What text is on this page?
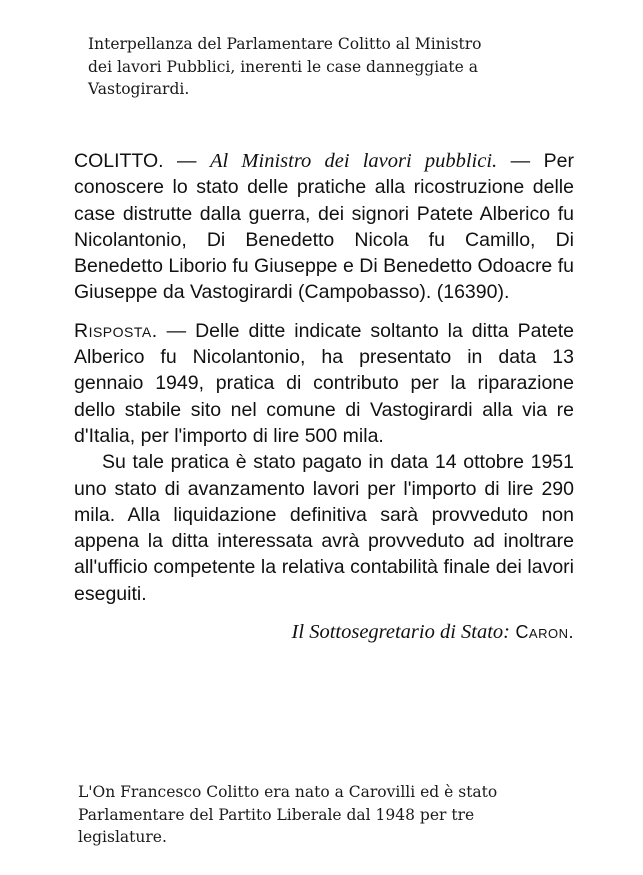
Interpellanza del Parlamentare Colitto al Ministro
dei lavori Pubblici, inerenti le case danneggiate a
Vastogirardi.

COLITTO. — Al Ministro dei lavori pubblici. — Per conoscere lo stato delle pratiche alla ricostruzione delle case distrutte dalla guerra, dei signori Patete Alberico fu Nicolantonio, Di Benedetto Nicola fu Camillo, Di Benedetto Liborio fu Giuseppe e Di Benedetto Odoacre fu Giuseppe da Vastogirardi (Campobasso). (16390).

Risposta. — Delle ditte indicate soltanto la ditta Patete Alberico fu Nicolantonio, ha presentato in data 13 gennaio 1949, pratica di contributo per la riparazione dello stabile sito nel comune di Vastogirardi alla via re d'Italia, per l'importo di lire 500 mila.

Su tale pratica è stato pagato in data 14 ottobre 1951 uno stato di avanzamento lavori per l'importo di lire 290 mila. Alla liquidazione definitiva sarà provveduto non appena la ditta interessata avrà provveduto ad inoltrare all'ufficio competente la relativa contabilità finale dei lavori eseguiti.

Il Sottosegretario di Stato: Caron.

L'On Francesco Colitto era nato a Carovilli ed è stato
Parlamentare del Partito Liberale dal 1948 per tre
legislature.
